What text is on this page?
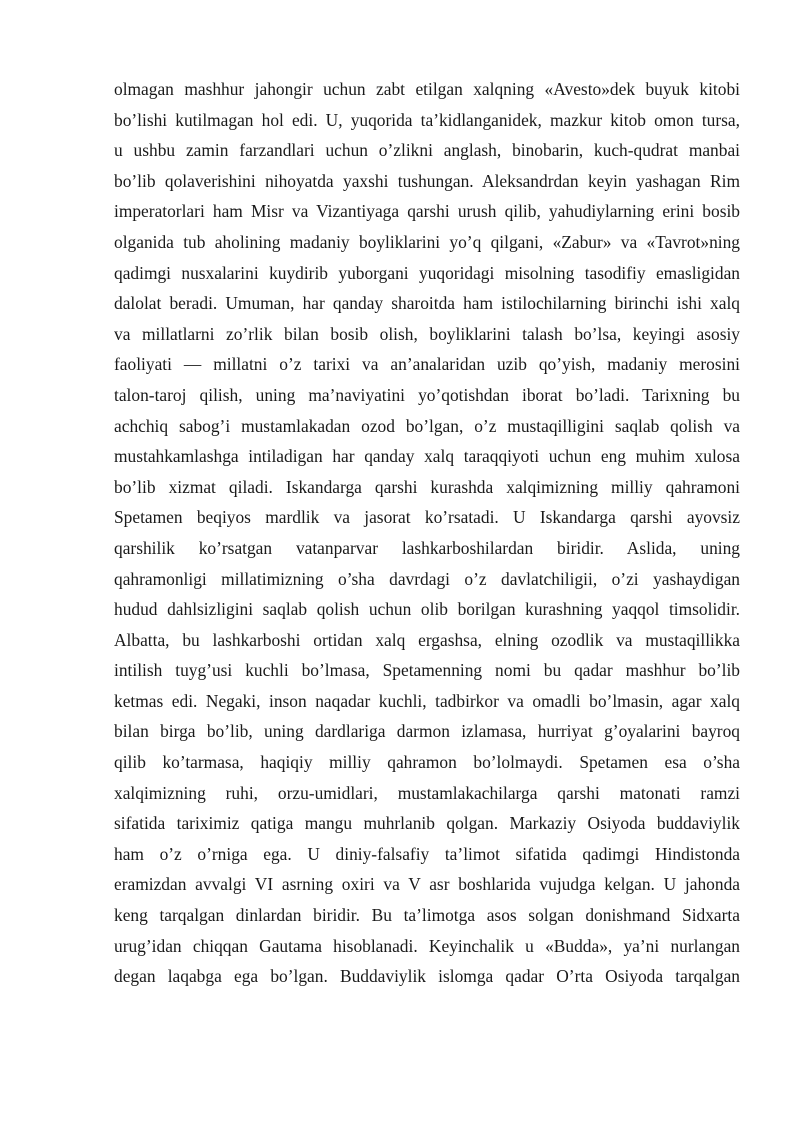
olmagan mashhur jahongir uchun zabt etilgan xalqning «Avesto»dek buyuk kitobi
bo’lishi kutilmagan hol edi. U, yuqorida ta’kidlanganidek, mazkur kitob omon tursa,
u ushbu zamin farzandlari uchun o’zlikni anglash, binobarin, kuch-qudrat manbai
bo’lib qolaverishini nihoyatda yaxshi tushungan. Aleksandrdan keyin yashagan Rim
imperatorlari ham Misr va Vizantiyaga qarshi urush qilib, yahudiylarning erini bosib
olganida tub aholining madaniy boyliklarini yo’q qilgani, «Zabur» va «Tavrot»ning
qadimgi nusxalarini kuydirib yuborgani yuqoridagi misolning tasodifiy emasligidan
dalolat beradi. Umuman, har qanday sharoitda ham istilochilarning birinchi ishi xalq
va millatlarni zo’rlik bilan bosib olish, boyliklarini talash bo’lsa, keyingi asosiy
faoliyati — millatni o’z tarixi va an’analaridan uzib qo’yish, madaniy merosini
talon-taroj qilish, uning ma’naviyatini yo’qotishdan iborat bo’ladi. Tarixning bu
achchiq sabog’i mustamlakadan ozod bo’lgan, o’z mustaqilligini saqlab qolish va
mustahkamlashga intiladigan har qanday xalq taraqqiyoti uchun eng muhim xulosa
bo’lib xizmat qiladi. Iskandarga qarshi kurashda xalqimizning milliy qahramoni
Spetamen beqiyos mardlik va jasorat ko’rsatadi. U Iskandarga qarshi ayovsiz
qarshilik ko’rsatgan vatanparvar lashkarboshilardan biridir. Aslida, uning
qahramonligi millatimizning o’sha davrdagi o’z davlatchiligii, o’zi yashaydigan
hudud dahlsizligini saqlab qolish uchun olib borilgan kurashning yaqqol timsolidir.
Albatta, bu lashkarboshi ortidan xalq ergashsa, elning ozodlik va mustaqillikka
intilish tuyg’usi kuchli bo’lmasa, Spetamenning nomi bu qadar mashhur bo’lib
ketmas edi. Negaki, inson naqadar kuchli, tadbirkor va omadli bo’lmasin, agar xalq
bilan birga bo’lib, uning dardlariga darmon izlamasa, hurriyat g’oyalarini bayroq
qilib ko’tarmasa, haqiqiy milliy qahramon bo’lolmaydi. Spetamen esa o’sha
xalqimizning ruhi, orzu-umidlari, mustamlakachilarga qarshi matonati ramzi
sifatida tariximiz qatiga mangu muhrlanib qolgan. Markaziy Osiyoda buddaviylik
ham o’z o’rniga ega. U diniy-falsafiy ta’limot sifatida qadimgi Hindistonda
eramizdan avvalgi VI asrning oxiri va V asr boshlarida vujudga kelgan. U jahonda
keng tarqalgan dinlardan biridir. Bu ta’limotga asos solgan donishmand Sidxarta
urug’idan chiqqan Gautama hisoblanadi. Keyinchalik u «Budda», ya’ni nurlangan
degan laqabga ega bo’lgan. Buddaviylik islomga qadar O’rta Osiyoda tarqalgan
